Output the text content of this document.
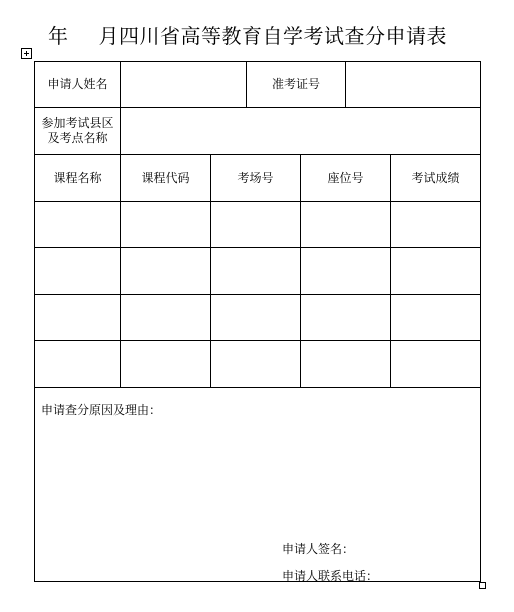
年 月四川省高等教育自学考试查分申请表
申请人姓名	准考证号
参加考试县区
及考点名称
课程名称	课程代码	考场号	座位号	考试成绩
申请查分原因及理由：
申请人签名：
申请人联系电话：
